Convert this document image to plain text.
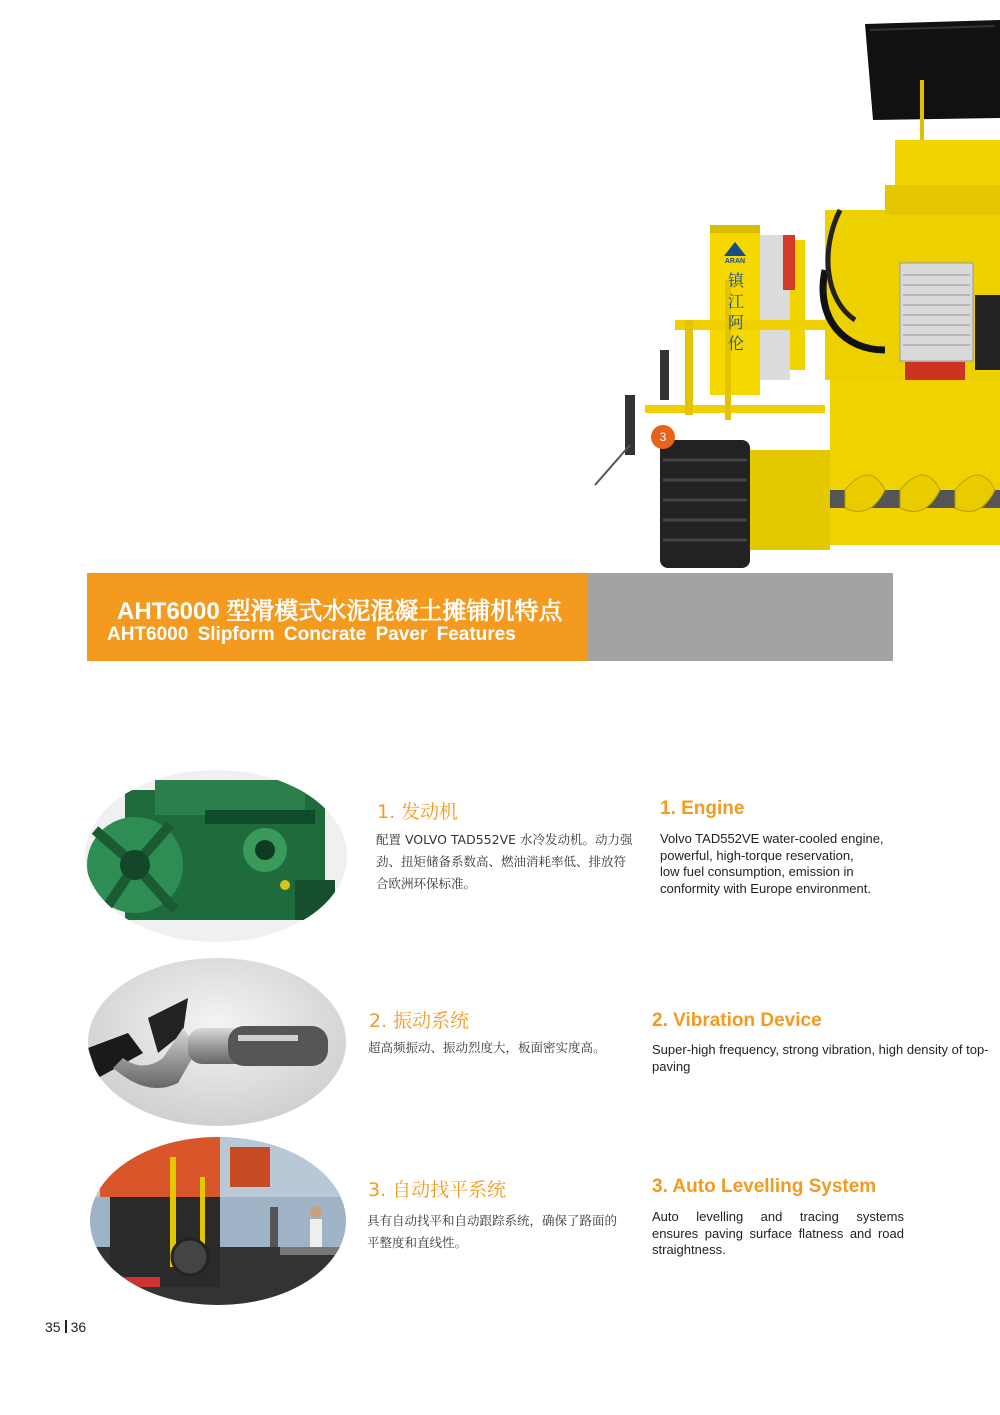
ARAN
镇
江
阿
伦
3
AHT6000 型滑模式水泥混凝土摊铺机特点
AHT6000 Slipform Concrate Paver Features
1. 发动机
配置 VOLVO TAD552VE 水冷发动机。动力强
劲、扭矩储备系数高、燃油消耗率低、排放符
合欧洲环保标准。
1. Engine
Volvo TAD552VE water-cooled engine,
powerful, high-torque reservation,
low fuel consumption, emission in
conformity with Europe environment.
2. 振动系统
超高频振动、振动烈度大，板面密实度高。
2. Vibration Device
Super-high frequency, strong vibration, high density of top-
paving
3. 自动找平系统
具有自动找平和自动跟踪系统，确保了路面的
平整度和直线性。
3. Auto Levelling System
Auto levelling and tracing systems
ensures paving surface flatness and road
straightness.
35 36
